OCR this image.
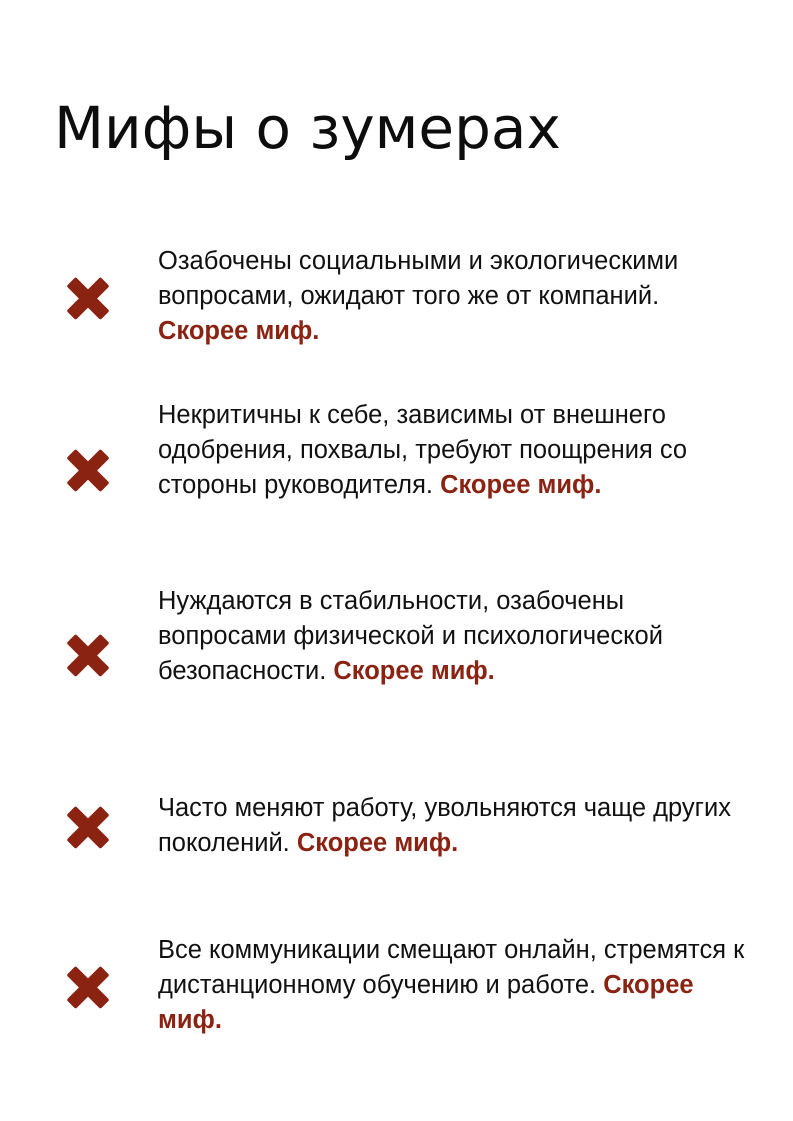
Мифы о зумерах

Озабочены социальными и экологическими вопросами, ожидают того же от компаний. Скорее миф.

Некритичны к себе, зависимы от внешнего одобрения, похвалы, требуют поощрения со стороны руководителя. Скорее миф.

Нуждаются в стабильности, озабочены вопросами физической и психологической безопасности. Скорее миф.

Часто меняют работу, увольняются чаще других поколений. Скорее миф.

Все коммуникации смещают онлайн, стремятся к дистанционному обучению и работе. Скорее миф.
